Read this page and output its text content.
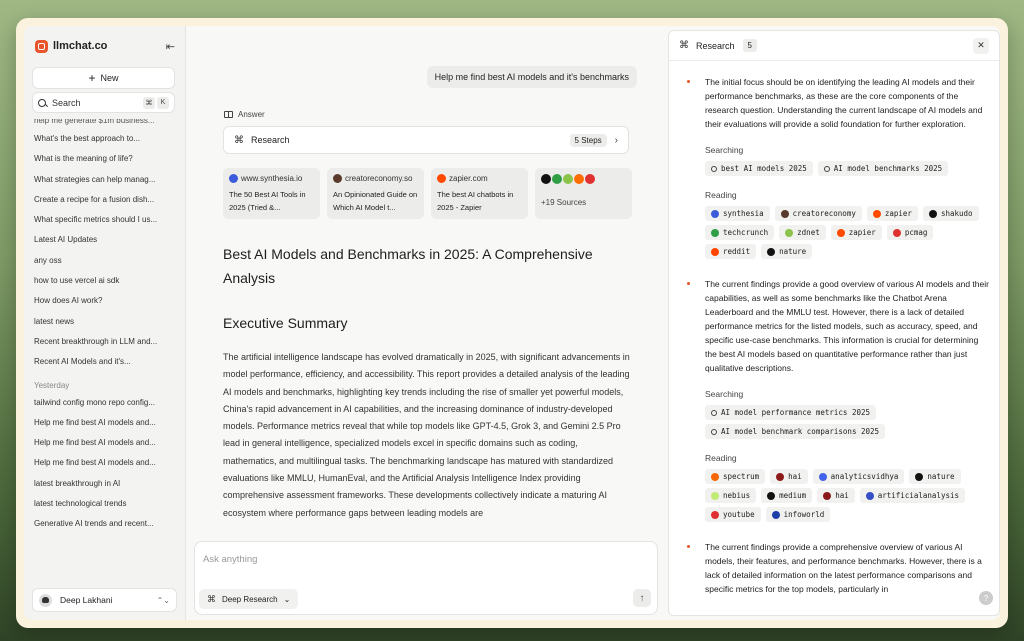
llmchat.co	⇤
+ New
Search	⌘	K
help me generate $1m business...
What's the best approach to...
What is the meaning of life?
What strategies can help manag...
Create a recipe for a fusion dish...
What specific metrics should I us...
Latest AI Updates
any oss
how to use vercel ai sdk
How does AI work?
latest news
Recent breakthrough in LLM and...
Recent AI Models and it's...
Yesterday
tailwind config mono repo config...
Help me find best AI models and...
Help me find best AI models and...
Help me find best AI models and...
latest breakthrough in AI
latest technological trends
Generative AI trends and recent...
Deep Lakhani	⌃⌄
Help me find best AI models and it's benchmarks
Answer
⌘ Research	5 Steps	›
www.synthesia.io
The 50 Best AI Tools in 2025 (Tried &...
creatoreconomy.so
An Opinionated Guide on Which AI Model t...
zapier.com
The best AI chatbots in 2025 - Zapier
+19 Sources
Best AI Models and Benchmarks in 2025: A Comprehensive Analysis
Executive Summary

The artificial intelligence landscape has evolved dramatically in 2025, with significant advancements in model performance, efficiency, and accessibility. This report provides a detailed analysis of the leading AI models and benchmarks, highlighting key trends including the rise of smaller yet powerful models, China's rapid advancement in AI capabilities, and the increasing dominance of industry-developed models. Performance metrics reveal that while top models like GPT-4.5, Grok 3, and Gemini 2.5 Pro lead in general intelligence, specialized models excel in specific domains such as coding, mathematics, and multilingual tasks. The benchmarking landscape has matured with standardized evaluations like MMLU, HumanEval, and the Artificial Analysis Intelligence Index providing comprehensive assessment frameworks. These developments collectively indicate a maturing AI ecosystem where performance gaps between leading models are

Ask anything
⌘ Deep Research ⌄	↑
⌘ Research	5	✕
The initial focus should be on identifying the leading AI models and their performance benchmarks, as these are the core components of the research question. Understanding the current landscape of AI models and their evaluations will provide a solid foundation for further exploration.
Searching
best AI models 2025	AI model benchmarks 2025
Reading
synthesia	creatoreconomy	zapier	shakudo
techcrunch	zdnet	zapier	pcmag
reddit	nature
The current findings provide a good overview of various AI models and their capabilities, as well as some benchmarks like the Chatbot Arena Leaderboard and the MMLU test. However, there is a lack of detailed performance metrics for the listed models, such as accuracy, speed, and specific use-case benchmarks. This information is crucial for determining the best AI models based on quantitative performance rather than just qualitative descriptions.
Searching
AI model performance metrics 2025
AI model benchmark comparisons 2025
Reading
spectrum	hai	analyticsvidhya	nature
nebius	medium	hai	artificialanalysis
youtube	infoworld
The current findings provide a comprehensive overview of various AI models, their features, and performance benchmarks. However, there is a lack of detailed information on the latest performance comparisons and specific metrics for the top models, particularly in
?
